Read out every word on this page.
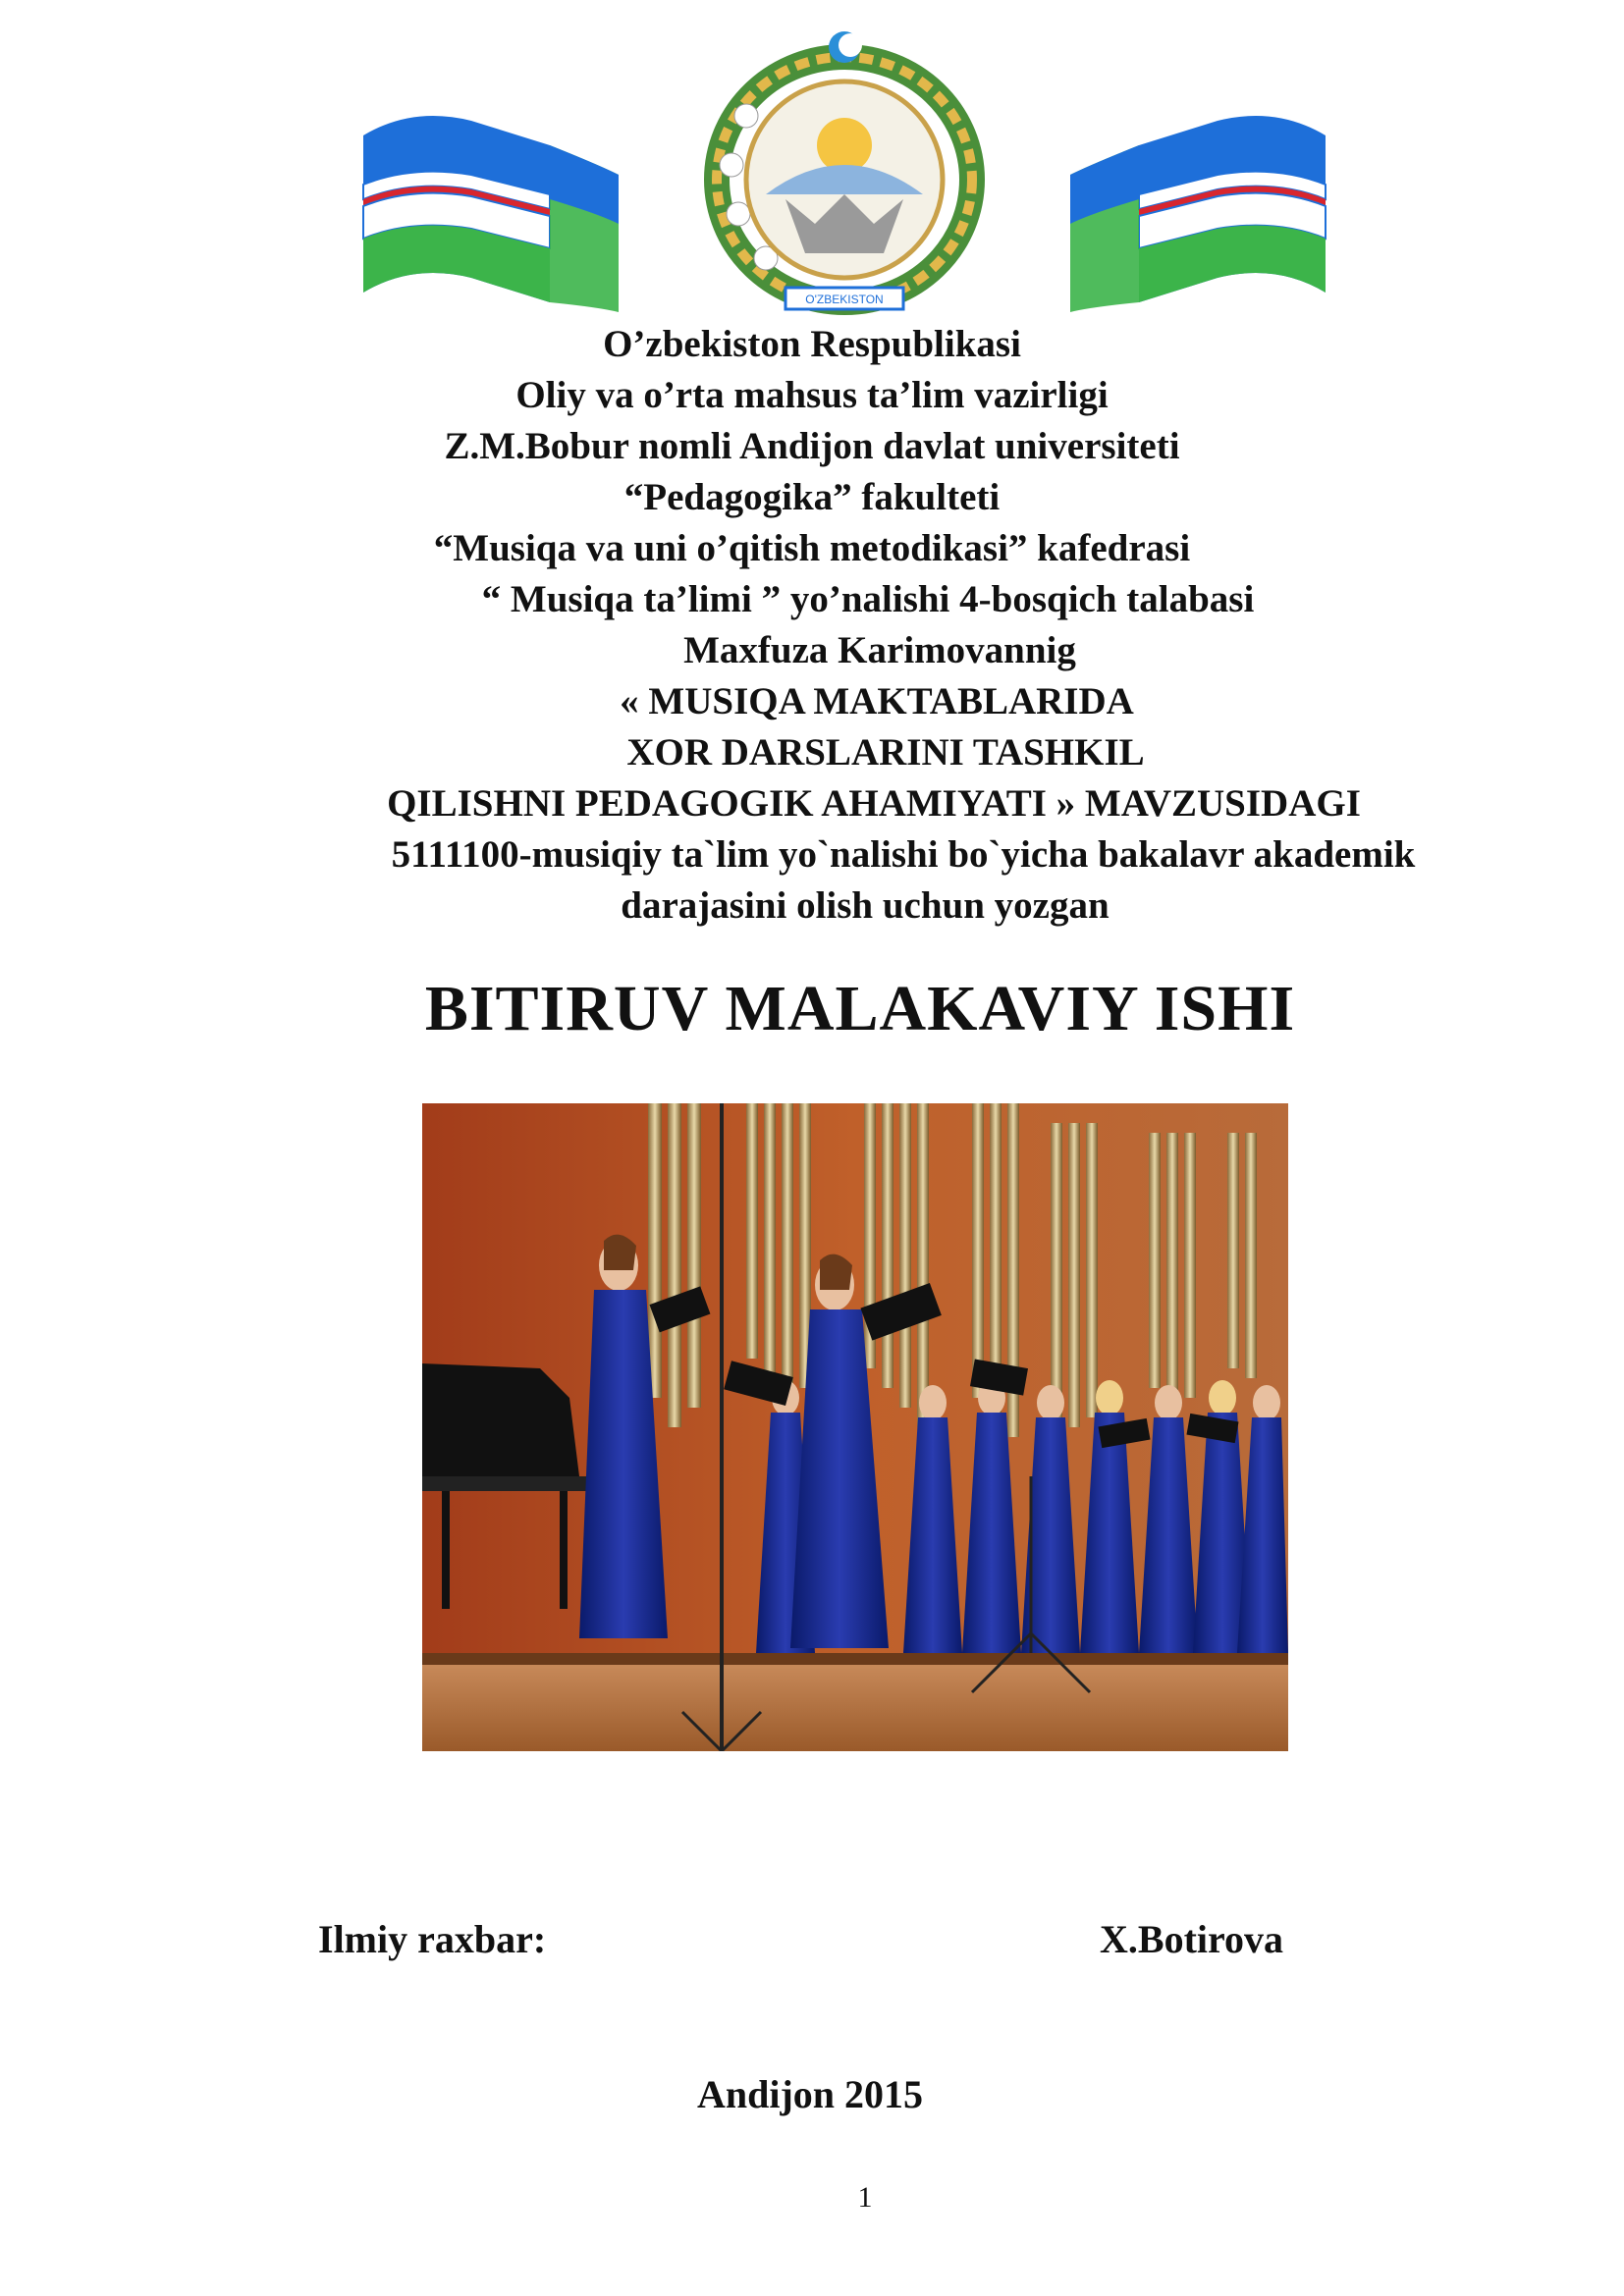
O'ZBEKISTON
O’zbekiston Respublikasi
Oliy va o’rta mahsus ta’lim vazirligi
Z.M.Bobur nomli Andijon davlat universiteti
“Pedagogika” fakulteti
“Musiqa va uni o’qitish metodikasi” kafedrasi
“ Musiqa ta’limi ” yo’nalishi 4-bosqich talabasi
Maxfuza Karimovannig
« MUSIQA MAKTABLARIDA
XOR DARSLARINI TASHKIL
QILISHNI PEDAGOGIK AHAMIYATI » MAVZUSIDAGI
5111100-musiqiy ta`lim yo`nalishi bo`yicha bakalavr akademik
darajasini olish uchun yozgan
BITIRUV MALAKAVIY ISHI
Ilmiy raxbar:	X.Botirova
Andijon 2015
1
